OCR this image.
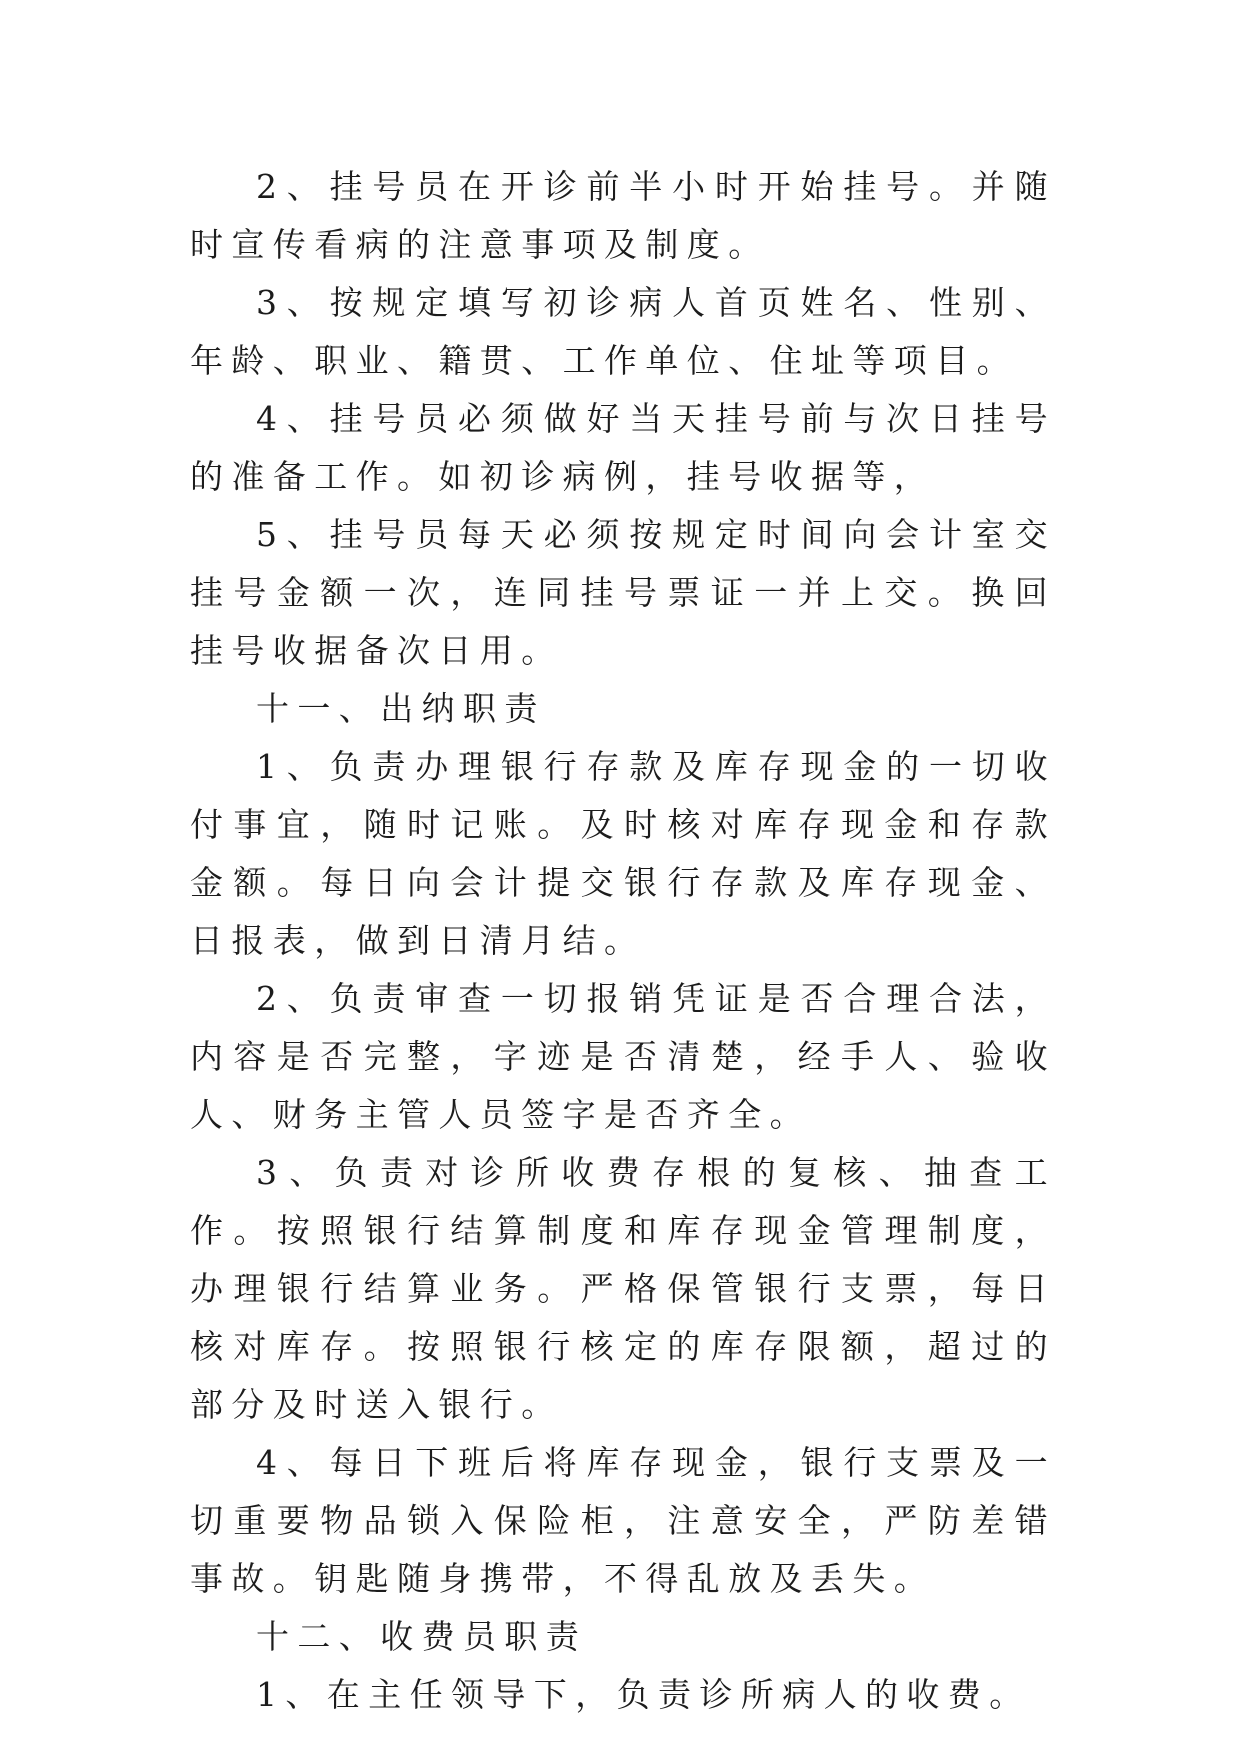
2、挂号员在开诊前半小时开始挂号。并随时宣传看病的注意事项及制度。

3、按规定填写初诊病人首页姓名、性别、年龄、职业、籍贯、工作单位、住址等项目。

4、挂号员必须做好当天挂号前与次日挂号的准备工作。如初诊病例，挂号收据等，

5、挂号员每天必须按规定时间向会计室交挂号金额一次，连同挂号票证一并上交。换回挂号收据备次日用。

十一、出纳职责

1、负责办理银行存款及库存现金的一切收付事宜，随时记账。及时核对库存现金和存款金额。每日向会计提交银行存款及库存现金、日报表，做到日清月结。

2、负责审查一切报销凭证是否合理合法，内容是否完整，字迹是否清楚，经手人、验收人、财务主管人员签字是否齐全。

3、负责对诊所收费存根的复核、抽查工作。按照银行结算制度和库存现金管理制度，办理银行结算业务。严格保管银行支票，每日核对库存。按照银行核定的库存限额，超过的部分及时送入银行。

4、每日下班后将库存现金，银行支票及一切重要物品锁入保险柜，注意安全，严防差错事故。钥匙随身携带，不得乱放及丢失。

十二、收费员职责

1、在主任领导下，负责诊所病人的收费。
